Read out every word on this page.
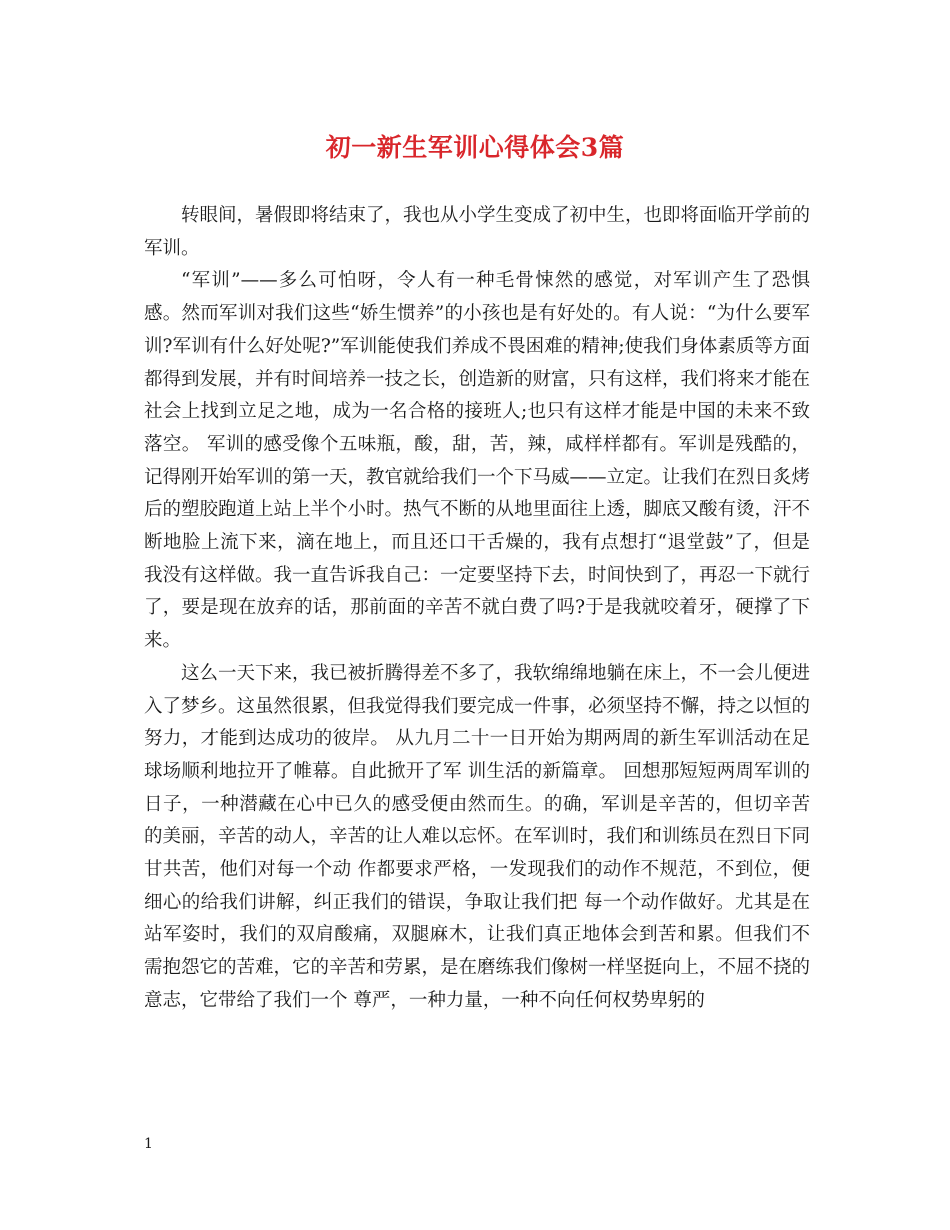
初一新生军训心得体会3篇

转眼间，暑假即将结束了，我也从小学生变成了初中生，也即将面临开学前的军训。

“军训”——多么可怕呀，令人有一种毛骨悚然的感觉，对军训产生了恐惧感。然而军训对我们这些“娇生惯养”的小孩也是有好处的。有人说：“为什么要军训?军训有什么好处呢?”军训能使我们养成不畏困难的精神;使我们身体素质等方面都得到发展，并有时间培养一技之长，创造新的财富，只有这样，我们将来才能在社会上找到立足之地，成为一名合格的接班人;也只有这样才能是中国的未来不致落空。 军训的感受像个五味瓶，酸，甜，苦，辣，咸样样都有。军训是残酷的，记得刚开始军训的第一天，教官就给我们一个下马威——立定。让我们在烈日炙烤后的塑胶跑道上站上半个小时。热气不断的从地里面往上透，脚底又酸有烫，汗不断地脸上流下来，滴在地上，而且还口干舌燥的，我有点想打“退堂鼓”了，但是我没有这样做。我一直告诉我自己：一定要坚持下去，时间快到了，再忍一下就行了，要是现在放弃的话，那前面的辛苦不就白费了吗?于是我就咬着牙，硬撑了下来。

这么一天下来，我已被折腾得差不多了，我软绵绵地躺在床上，不一会儿便进入了梦乡。这虽然很累，但我觉得我们要完成一件事，必须坚持不懈，持之以恒的努力，才能到达成功的彼岸。 从九月二十一日开始为期两周的新生军训活动在足球场顺利地拉开了帷幕。自此掀开了军 训生活的新篇章。 回想那短短两周军训的日子，一种潜藏在心中已久的感受便由然而生。的确，军训是辛苦的，但切辛苦 的美丽，辛苦的动人，辛苦的让人难以忘怀。在军训时，我们和训练员在烈日下同甘共苦，他们对每一个动 作都要求严格，一发现我们的动作不规范，不到位，便细心的给我们讲解，纠正我们的错误，争取让我们把 每一个动作做好。尤其是在站军姿时，我们的双肩酸痛，双腿麻木，让我们真正地体会到苦和累。但我们不 需抱怨它的苦难，它的辛苦和劳累，是在磨练我们像树一样坚挺向上，不屈不挠的意志，它带给了我们一个 尊严，一种力量，一种不向任何权势卑躬的

1
